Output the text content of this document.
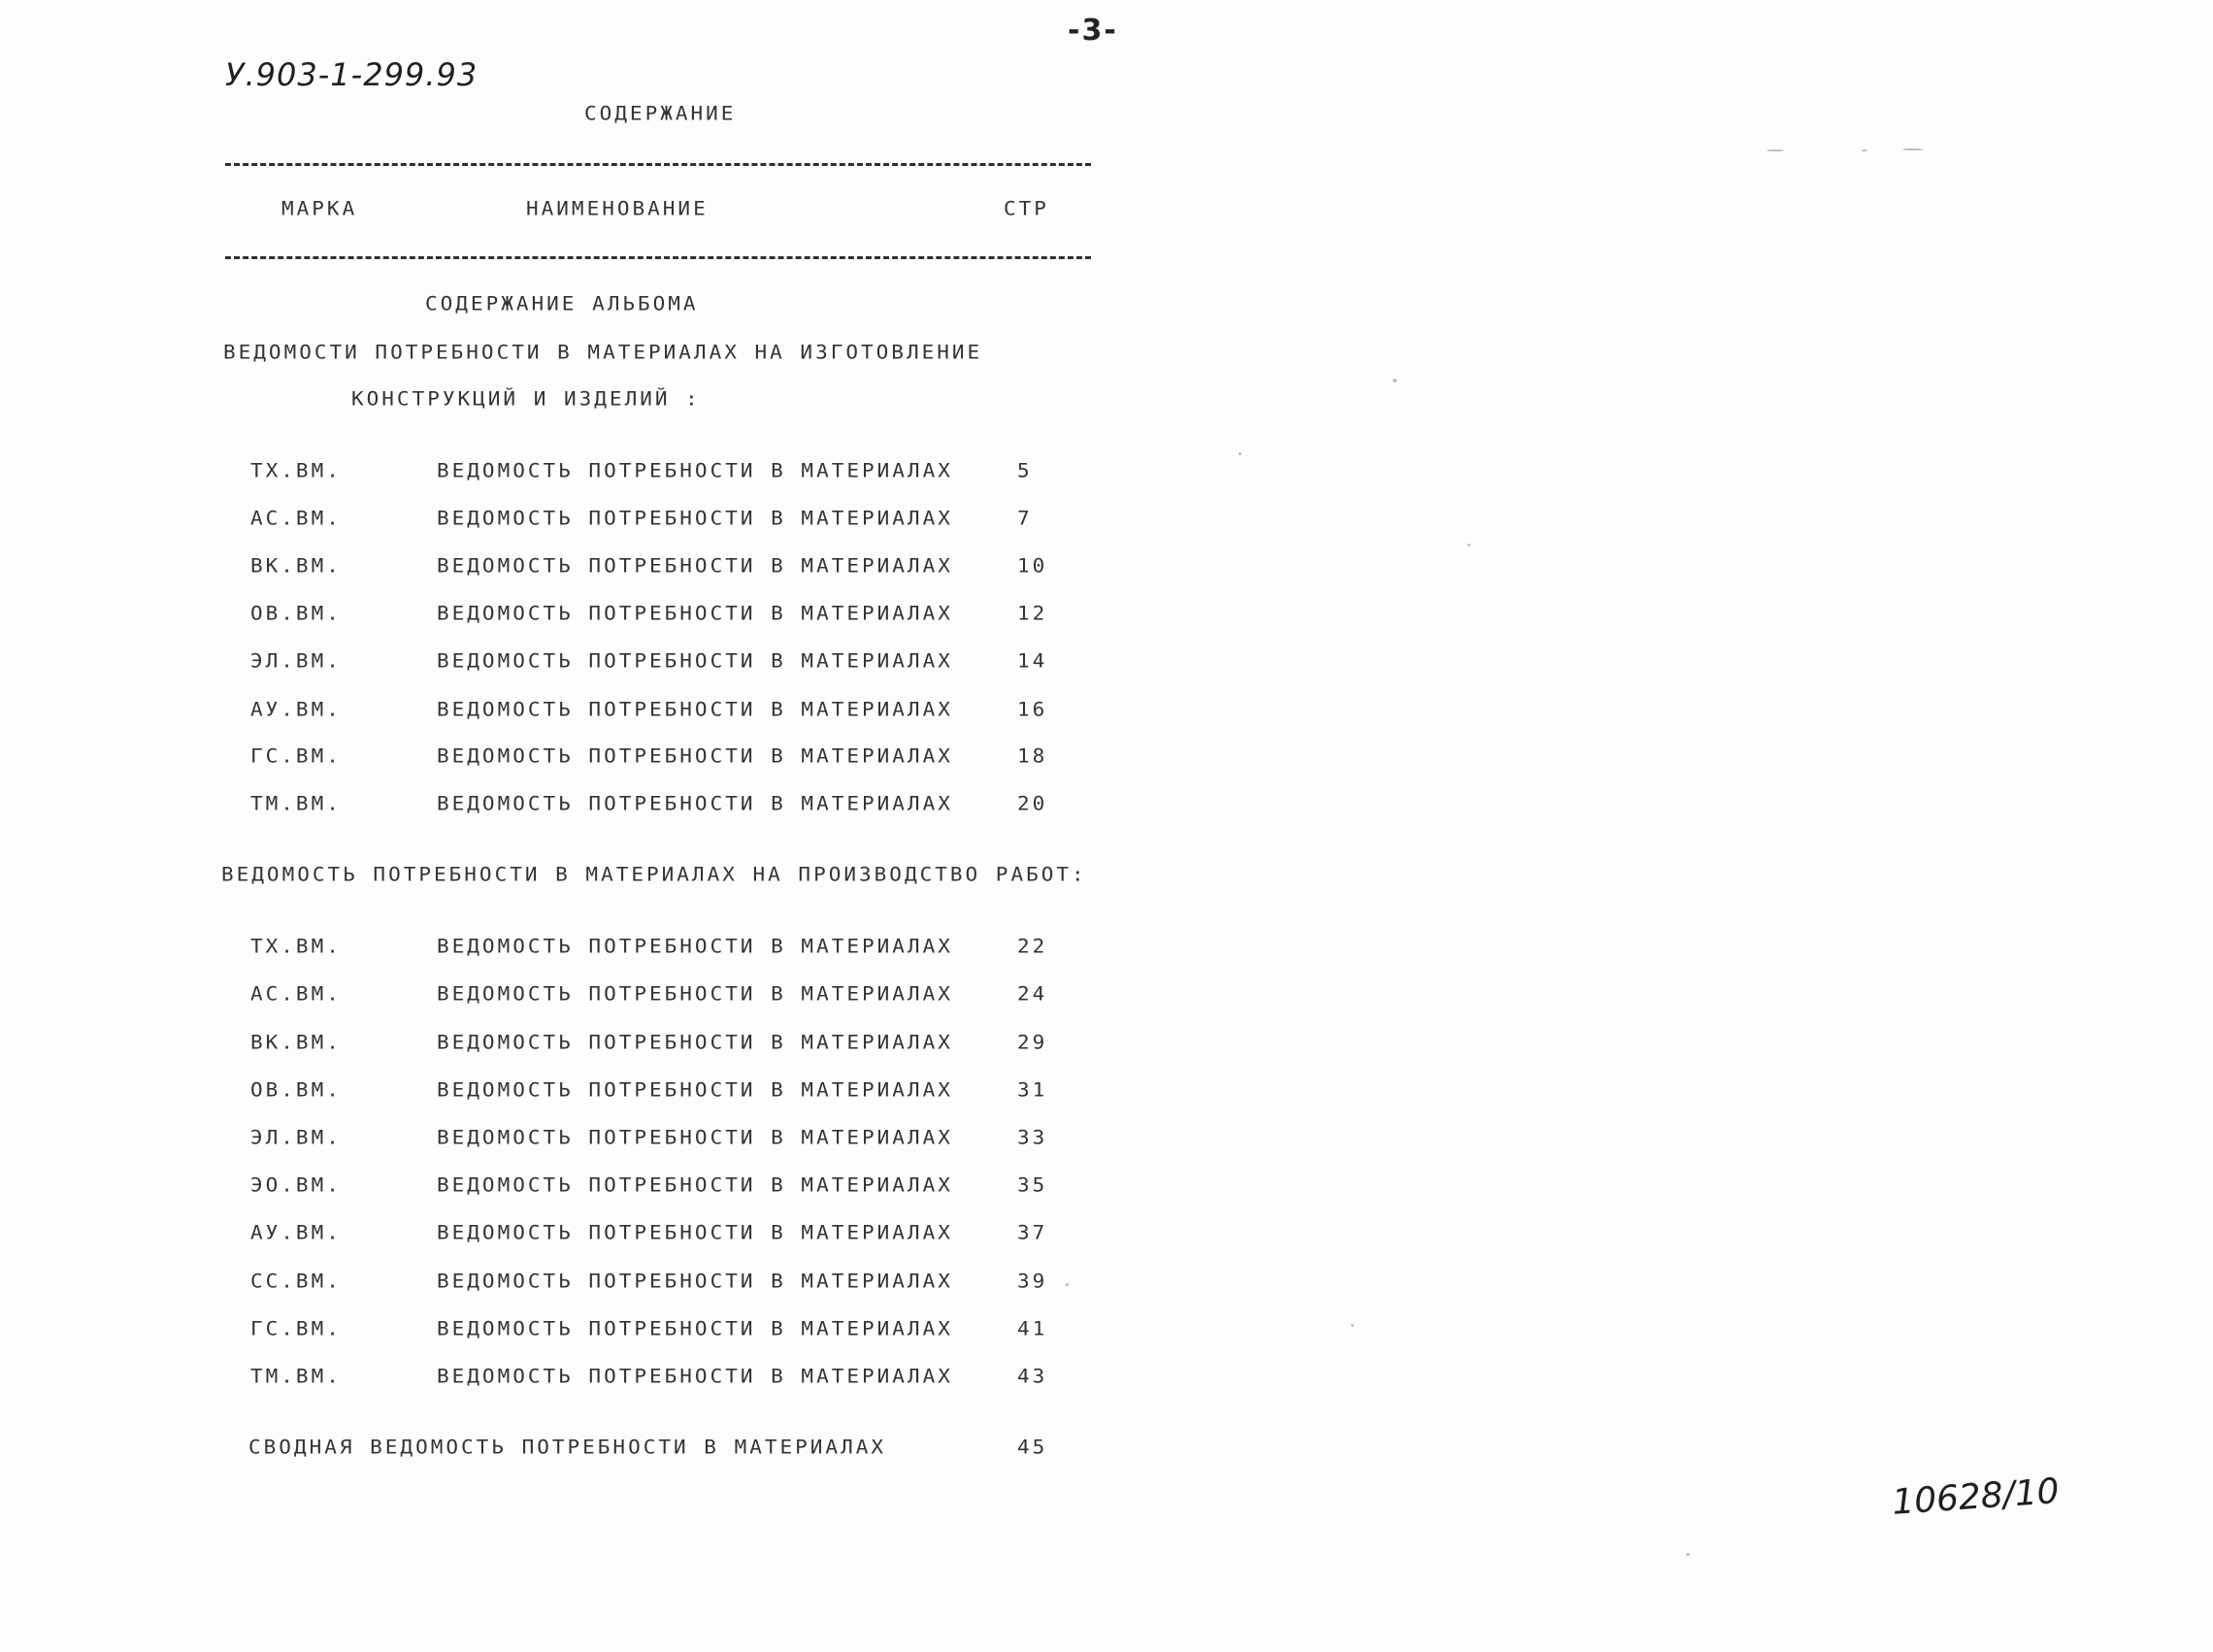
-3-
У.903-1-299.93
СОДЕРЖАНИЕ
МАРКА	НАИМЕНОВАНИЕ	СТР
СОДЕРЖАНИЕ АЛЬБОМА
ВЕДОМОСТИ ПОТРЕБНОСТИ В МАТЕРИАЛАХ НА ИЗГОТОВЛЕНИЕ
КОНСТРУКЦИЙ И ИЗДЕЛИЙ :
ТХ.ВМ.	ВЕДОМОСТЬ ПОТРЕБНОСТИ В МАТЕРИАЛАХ	5
АС.ВМ.	ВЕДОМОСТЬ ПОТРЕБНОСТИ В МАТЕРИАЛАХ	7
ВК.ВМ.	ВЕДОМОСТЬ ПОТРЕБНОСТИ В МАТЕРИАЛАХ	10
ОВ.ВМ.	ВЕДОМОСТЬ ПОТРЕБНОСТИ В МАТЕРИАЛАХ	12
ЭЛ.ВМ.	ВЕДОМОСТЬ ПОТРЕБНОСТИ В МАТЕРИАЛАХ	14
АУ.ВМ.	ВЕДОМОСТЬ ПОТРЕБНОСТИ В МАТЕРИАЛАХ	16
ГС.ВМ.	ВЕДОМОСТЬ ПОТРЕБНОСТИ В МАТЕРИАЛАХ	18
ТМ.ВМ.	ВЕДОМОСТЬ ПОТРЕБНОСТИ В МАТЕРИАЛАХ	20
ВЕДОМОСТЬ ПОТРЕБНОСТИ В МАТЕРИАЛАХ НА ПРОИЗВОДСТВО РАБОТ:
ТХ.ВМ.	ВЕДОМОСТЬ ПОТРЕБНОСТИ В МАТЕРИАЛАХ	22
АС.ВМ.	ВЕДОМОСТЬ ПОТРЕБНОСТИ В МАТЕРИАЛАХ	24
ВК.ВМ.	ВЕДОМОСТЬ ПОТРЕБНОСТИ В МАТЕРИАЛАХ	29
ОВ.ВМ.	ВЕДОМОСТЬ ПОТРЕБНОСТИ В МАТЕРИАЛАХ	31
ЭЛ.ВМ.	ВЕДОМОСТЬ ПОТРЕБНОСТИ В МАТЕРИАЛАХ	33
ЭО.ВМ.	ВЕДОМОСТЬ ПОТРЕБНОСТИ В МАТЕРИАЛАХ	35
АУ.ВМ.	ВЕДОМОСТЬ ПОТРЕБНОСТИ В МАТЕРИАЛАХ	37
СС.ВМ.	ВЕДОМОСТЬ ПОТРЕБНОСТИ В МАТЕРИАЛАХ	39
ГС.ВМ.	ВЕДОМОСТЬ ПОТРЕБНОСТИ В МАТЕРИАЛАХ	41
ТМ.ВМ.	ВЕДОМОСТЬ ПОТРЕБНОСТИ В МАТЕРИАЛАХ	43
СВОДНАЯ ВЕДОМОСТЬ ПОТРЕБНОСТИ В МАТЕРИАЛАХ	45
10628/10
